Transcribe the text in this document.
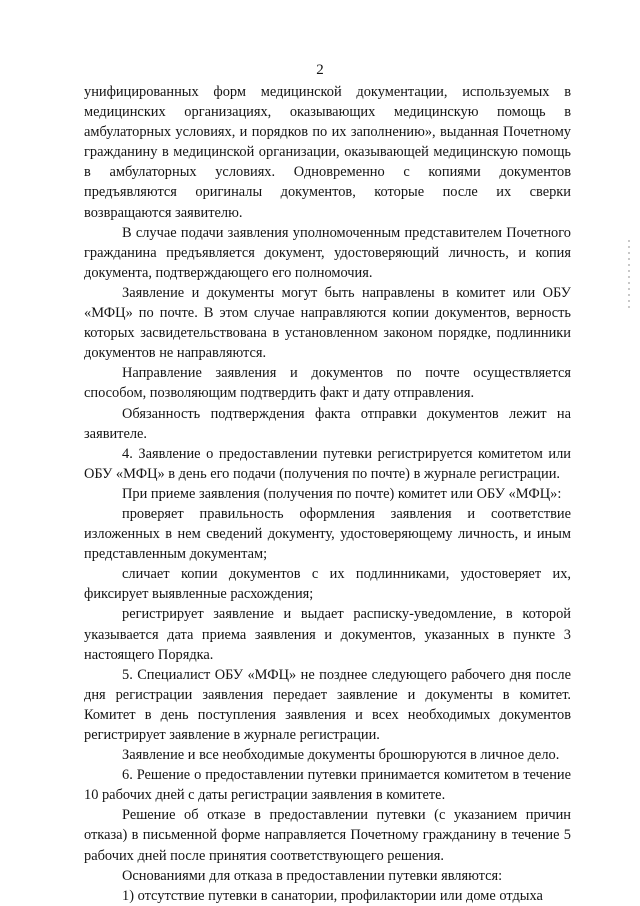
2

унифицированных форм медицинской документации, используемых в медицинских организациях, оказывающих медицинскую помощь в амбулаторных условиях, и порядков по их заполнению», выданная Почетному гражданину в медицинской организации, оказывающей медицинскую помощь в амбулаторных условиях. Одновременно с копиями документов предъявляются оригиналы документов, которые после их сверки возвращаются заявителю.

В случае подачи заявления уполномоченным представителем Почетного гражданина предъявляется документ, удостоверяющий личность, и копия документа, подтверждающего его полномочия.

Заявление и документы могут быть направлены в комитет или ОБУ «МФЦ» по почте. В этом случае направляются копии документов, верность которых засвидетельствована в установленном законом порядке, подлинники документов не направляются.

Направление заявления и документов по почте осуществляется способом, позволяющим подтвердить факт и дату отправления.

Обязанность подтверждения факта отправки документов лежит на заявителе.

4. Заявление о предоставлении путевки регистрируется комитетом или ОБУ «МФЦ» в день его подачи (получения по почте) в журнале регистрации.

При приеме заявления (получения по почте) комитет или ОБУ «МФЦ»:

проверяет правильность оформления заявления и соответствие изложенных в нем сведений документу, удостоверяющему личность, и иным представленным документам;

сличает копии документов с их подлинниками, удостоверяет их, фиксирует выявленные расхождения;

регистрирует заявление и выдает расписку-уведомление, в которой указывается дата приема заявления и документов, указанных в пункте 3 настоящего Порядка.

5. Специалист ОБУ «МФЦ» не позднее следующего рабочего дня после дня регистрации заявления передает заявление и документы в комитет. Комитет в день поступления заявления и всех необходимых документов регистрирует заявление в журнале регистрации.

Заявление и все необходимые документы брошюруются в личное дело.

6. Решение о предоставлении путевки принимается комитетом в течение 10 рабочих дней с даты регистрации заявления в комитете.

Решение об отказе в предоставлении путевки (с указанием причин отказа) в письменной форме направляется Почетному гражданину в течение 5 рабочих дней после принятия соответствующего решения.

Основаниями для отказа в предоставлении путевки являются:

1) отсутствие путевки в санатории, профилактории или доме отдыха
